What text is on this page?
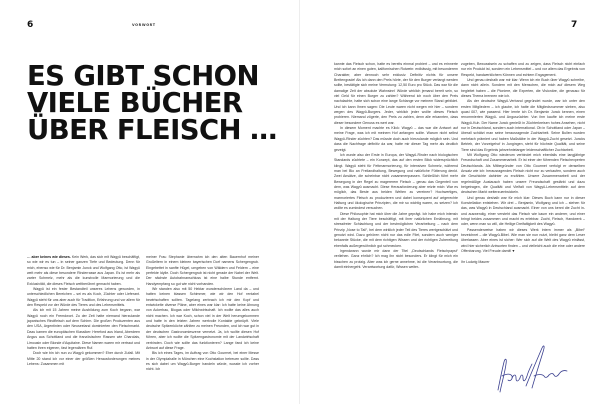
6	VORWORT
ES GIBT SCHON
VIELE BÜCHER
ÜBER FLEISCH …

… aber keines wie dieses. Kein Werk, das sich mit Wagyū beschäftigt, so wie wir es tun – in seiner ganzen Tiefe und Bedeutung. Denn für mich, ebenso wie für Dr. Benjamin Junck und Wolfgang Otto, ist Wagyū weit mehr als diese besondere Rinderrasse aus Japan. Es ist mehr als zarter Schmelz, mehr als die kunstvolle Marmorierung und die Exklusivität, die dieses Fleisch weltberühmt gemacht haben.

Wagyū ist ein fester Bestandteil unseres Lebens geworden, in unterschiedlichen Bereichen – sei es als Koch, Züchter oder Lieferant. Wagyū steht für uns aber auch für Tradition, Erfahrung und vor allem für den Respekt vor der Würde des Tieres und des Lebensmittels.

Als ich mit 15 Jahren meine Ausbildung zum Koch begann, war Wagyū noch ein Fremdwort. Zu der Zeit hatte niemand hierzulande japanisches Rindfleisch auf dem Schirm. Die großen Produzenten aus den USA, Argentinien oder Neuseeland dominierten den Fleischmarkt. Dazu kamen die europäischen Klassiker: Hereford aus Irland, Aberdeen Angus aus Schottland und die französischen Rassen wie Charolais, Limousin oder Blonde d'Aquitaine. Diese Namen waren mir vertraut und hatten ihren eigenen, fast legendären Ruf.

Doch wie bin ich nun zu Wagyū gekommen? Eher durch Zufall. Mit Mitte 20 stand ich vor einer der größten Herausforderungen meines Lebens: Zusammen mit

meiner Frau Stephanie übernahm ich den alten Bauernhof meiner Großeltern in einem kleinen bayerischen Dorf namens Schergengrub. Eingebettet in sanfte Hügel, umgeben von Wäldern und Feldern – eine perfekte Idylle. Doch Schergengrub ist nicht gerade der Nabel der Welt. Der nächste Autobahnanschluss ist eine halbe Stunde entfernt. Handyempfang so gut wie nicht vorhanden.

Wir standen also mit 50 Hektar wunderschönem Land da – und hatten keinen blassen Schimmer, wie wir den Hof rentabel bewirtschaften sollten. Tagelang zerbrach ich mir den Kopf und entwickelte diverse Pläne, aber eines war klar: Ich hatte keine Ahnung von Ackerbau, Biogas oder Milchwirtschaft. Ich wollte das alles auch nicht machen. Ich war Koch, schon viel in der Welt herumgekommen und hatte in den letzten Jahren wertvolle Kontakte geknüpft. Viele deutsche Spitzenköche zählten zu meinen Freunden, und ich war gut in der deutschen Gastronomieszene vernetzt. Ja, ich wollte diesen Hof führen, aber ich wollte die Spitzengastronomie mit der Landwirtschaft verbinden. Doch wie sollte das funktionieren? Lange fand ich keine Antwort auf diese Frage.

Bis ich eines Tages, im Auftrag von Otto Gourmet, bei einer Messe in der Olympiahalle in München eine Kochstation betreuen sollte. Dass es sich dabei um Wagyū-Burger handeln würde, wusste ich vorher nicht. Ich

7

kannte das Fleisch schon, hatte es bereits einmal probiert – und es erinnerte mich sofort an einen guten, kalifornischen Rotwein: erdbässig, mit besonderem Charakter, aber dennoch sehr exklusiv. Definitiv nichts für unsere Breitengrade! Als ich dann den Preis hörte, der für den Burger verlangt werden sollte, bestätigte sich meine Vermutung: 12,50 Euro pro Stück. Das war für die damalige Zeit der absolute Wahnsinn! Würde wirklich jemand bereit sein, so viel Geld für einen Burger zu zahlen? Während ich noch über den Preis nachdachte, hatte sich schon eine lange Schlange vor meinem Stand gebildet. Und ich kann Ihnen sagen: Die Leute waren nicht wegen mir hier – sondern wegen des Wagyū-Burgers. Jeder, wirklich jeder wollte dieses Fleisch probieren. Niemand zögerte, den Preis zu zahlen, denn alle erkannten, dass dieser besondere Genuss es wert war.

In diesem Moment machte es Klick: Wagyū – das war die Antwort auf meine Frage, was ich mit meinem Hof anfangen sollte. Warum nicht selbst Wagyū-Rinder züchten? Das müsste doch auch hierzulande möglich sein. Und dass die Nachfrage definitiv da war, hatte mir dieser Tag mehr als deutlich gezeigt.

Ich wurde also der Erste in Europa, der Wagyū-Rinder nach biologischen Standards züchtete – ein Konzept, das auf den ersten Blick widersprüchlich klingt. Wagyū steht für Fettmarmorierung, für intensiven Schmelz, während man bei Bio an Freilandhaltung, Bewegung und natürliche Fütterung denkt. Zwei Ansätze, die scheinbar nicht zusammenpassen. Schließlich führt mehr Bewegung in der Regel zu magererem Fleisch – genau das Gegenteil von dem, was Wagyū ausmacht. Diese Herausforderung aber reizte mich: War es möglich, das Beste aus beiden Welten zu vereinen? Hochwertiges, marmoriertes Fleisch zu produzieren und dabei konsequent auf artgerechte Haltung und ökologische Prinzipien, die mir so wichtig waren, zu setzen? Ich wollte es zumindest versuchen.

Diese Philosophie hat mich über die Jahre geprägt. Ich habe mich intensiv mit der Haltung der Tiere beschäftigt, mit ihrer natürlichen Ernährung, mit stressfreier Schlachtung und der bestmöglichen Verarbeitung – nach dem Prinzip „Nose to Tail“, bei dem wirklich jeder Teil des Tieres wertgeschätzt und genutzt wird. Dazu gehören nicht nur das edle Filet, sondern auch weniger bekannte Stücke, die mit dem richtigen Wissen und der richtigen Zubereitung ebenfalls außergewöhnlich gut schmecken.

Irgendwann wurde mir dann der Titel „Deutschlands Fleischpapst“ verliehen. Ganz ehrlich? Ich mag ihn nicht besonders. Er klingt für mich ein bisschen zu protzig. Aber was ich gerne annehme, ist die Verantwortung, die damit einhergeht. Verantwortung dafür, Wissen weiter-

zugeben, Bewusstsein zu schaffen und zu zeigen, dass Fleisch nicht einfach nur ein Produkt ist, sondern ein Lebensmittel – und vor allem das Ergebnis von Respekt, handwerklichem Können und echtem Engagement.

Und genau deshalb war mir klar: Wenn ich ein Buch über Wagyū schreibe, dann nicht allein. Sondern mit den Menschen, die mich auf diesem Weg begleitet haben – die Pioniere, die Experten, die Visionäre, die genauso für dieses Thema brennen wie ich.

Als der deutsche Wagyū-Verband gegründet wurde, war ich unter den ersten Mitgliedern – ich glaube, ich hatte die Mitgliedsnummer sieben, also quasi 007, wie passend. Hier lernte ich Dr. Benjamin Junck kennen, einen renommierten Wagyū- und Anguszüchter. Von ihm kaufte ich meine erste Wagyū-Kuh. Der Name Junck genießt in Züchterkreisen hohes Ansehen, nicht nur in Deutschland, sondern auch international. Ob in Schottland oder Japan – überall schätzt man seine herausragende Zuchtarbeit. Seine Bullen wurden mehrfach prämiert und haben Maßstäbe in der Wagyū-Zucht gesetzt. Juncks Betrieb, der Vorzeigehof in Jungingen, steht für höchste Qualität, und seine Tiere sind das Ergebnis jahrzehntelanger leidenschaftlicher Zuchtarbeit.

Mit Wolfgang Otto wiederum verbindet mich ebenfalls eine langjährige Freundschaft und Zusammenarbeit. Er ist einer der führenden Fleischexperten Deutschlands. Als Mitbegründer von Otto Gourmet verfolgt er denselben Ansatz wie ich: herausragendes Fleisch nicht nur zu verkaufen, sondern auch die Geschichte dahinter zu erzählen. Unsere Zusammenarbeit und der regelmäßige Austausch haben unsere Freundschaft gestärkt und dazu beigetragen, die Qualität und Vielfalt von Wagyū-Lebensmitteln auf dem deutschen Markt weiterzuentwickeln.

Und genau deshalb war für mich klar: Dieses Buch kann nur in dieser Konstellation entstehen. Wir drei – Benjamin, Wolfgang und ich – stehen für das, was Wagyū in Deutschland ausmacht. Einer von uns kennt die Zucht in- und auswendig, einer versteht das Fleisch wie kaum ein anderer, und einer bringt beides zusammen und macht es erlebbar. Zucht, Fleisch, Handwerk – oder, wenn man so will, die Heilige Dreifaltigkeit des Wagyū.

Passenderweise haben wir dieses Werk intern immer als „Bibel“ bezeichnet – die Wagyū-Bibel. Wie man sie nun nutzt, bleibt ganz dem Leser überlassen. Aber eines ist sicher: Wer sich auf die Welt des Wagyū einlässt, wird hier sicherlich Antworten finden – und vielleicht auch die eine oder andere Offenbarung. Viel Freude damit! ♥

Ihr Ludwig Maurer
